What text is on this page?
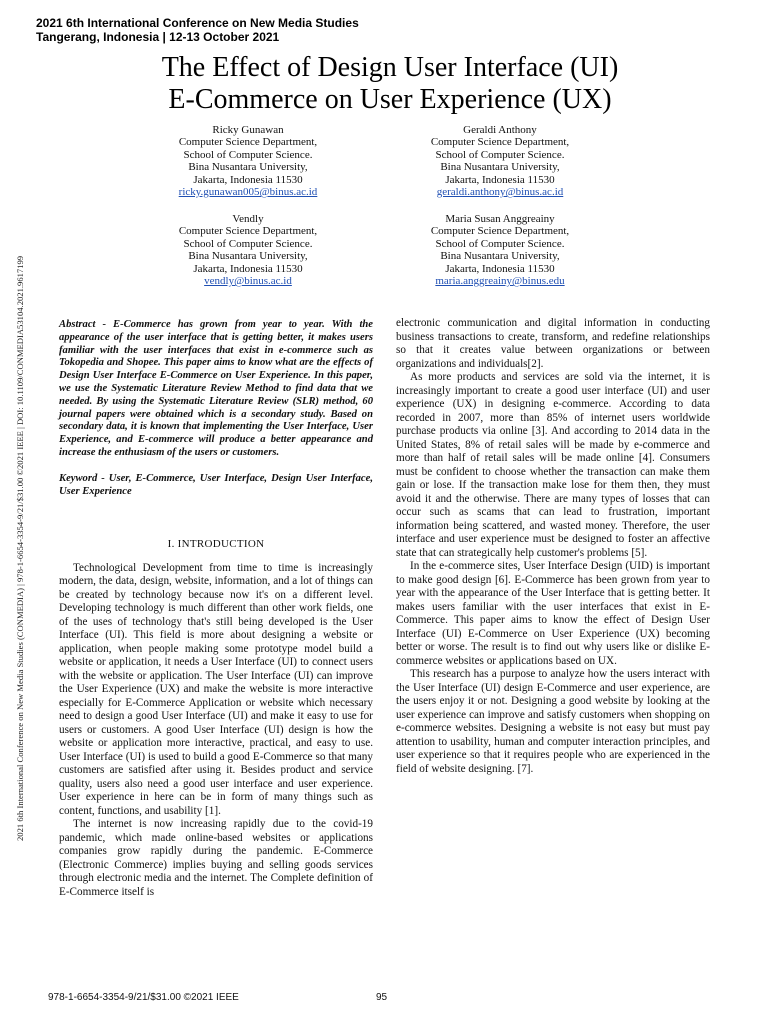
2021 6th International Conference on New Media Studies
Tangerang, Indonesia | 12-13 October 2021
2021 6th International Conference on New Media Studies (CONMEDIA) | 978-1-6654-3354-9/21/$31.00 ©2021 IEEE | DOI: 10.1109/CONMEDIA53104.2021.9617199
The Effect of Design User Interface (UI)
E-Commerce on User Experience (UX)
Ricky Gunawan
Computer Science Department,
School of Computer Science.
Bina Nusantara University,
Jakarta, Indonesia 11530
ricky.gunawan005@binus.ac.id
Geraldi Anthony
Computer Science Department,
School of Computer Science.
Bina Nusantara University,
Jakarta, Indonesia 11530
geraldi.anthony@binus.ac.id
Vendly
Computer Science Department,
School of Computer Science.
Bina Nusantara University,
Jakarta, Indonesia 11530
vendly@binus.ac.id
Maria Susan Anggreainy
Computer Science Department,
School of Computer Science.
Bina Nusantara University,
Jakarta, Indonesia 11530
maria.anggreainy@binus.edu

Abstract - E-Commerce has grown from year to year. With the appearance of the user interface that is getting better, it makes users familiar with the user interfaces that exist in e-commerce such as Tokopedia and Shopee. This paper aims to know what are the effects of Design User Interface E-Commerce on User Experience. In this paper, we use the Systematic Literature Review Method to find data that we needed. By using the Systematic Literature Review (SLR) method, 60 journal papers were obtained which is a secondary study. Based on secondary data, it is known that implementing the User Interface, User Experience, and E-commerce will produce a better appearance and increase the enthusiasm of the users or customers.

Keyword - User, E-Commerce, User Interface, Design User Interface, User Experience

I. INTRODUCTION

Technological Development from time to time is increasingly modern, the data, design, website, information, and a lot of things can be created by technology because now it's on a different level. Developing technology is much different than other work fields, one of the uses of technology that's still being developed is the User Interface (UI). This field is more about designing a website or application, when people making some prototype model build a website or application, it needs a User Interface (UI) to connect users with the website or application. The User Interface (UI) can improve the User Experience (UX) and make the website is more interactive especially for E-Commerce Application or website which necessary need to design a good User Interface (UI) and make it easy to use for users or customers. A good User Interface (UI) design is how the website or application more interactive, practical, and easy to use. User Interface (UI) is used to build a good E-Commerce so that many customers are satisfied after using it. Besides product and service quality, users also need a good user interface and user experience. User experience in here can be in form of many things such as content, functions, and usability [1].

The internet is now increasing rapidly due to the covid-19 pandemic, which made online-based websites or applications companies grow rapidly during the pandemic. E-Commerce (Electronic Commerce) implies buying and selling goods services through electronic media and the internet. The Complete definition of E-Commerce itself is

electronic communication and digital information in conducting business transactions to create, transform, and redefine relationships so that it creates value between organizations or between organizations and individuals[2].

As more products and services are sold via the internet, it is increasingly important to create a good user interface (UI) and user experience (UX) in designing e-commerce. According to data recorded in 2007, more than 85% of internet users worldwide purchase products via online [3]. And according to 2014 data in the United States, 8% of retail sales will be made by e-commerce and more than half of retail sales will be made online [4]. Consumers must be confident to choose whether the transaction can make them gain or lose. If the transaction make lose for them then, they must avoid it and the otherwise. There are many types of losses that can occur such as scams that can lead to frustration, important information being scattered, and wasted money. Therefore, the user interface and user experience must be designed to foster an affective state that can strategically help customer's problems [5].

In the e-commerce sites, User Interface Design (UID) is important to make good design [6]. E-Commerce has been grown from year to year with the appearance of the User Interface that is getting better. It makes users familiar with the user interfaces that exist in E-Commerce. This paper aims to know the effect of Design User Interface (UI) E-Commerce on User Experience (UX) becoming better or worse. The result is to find out why users like or dislike E-commerce websites or applications based on UX.

This research has a purpose to analyze how the users interact with the User Interface (UI) design E-Commerce and user experience, are the users enjoy it or not. Designing a good website by looking at the user experience can improve and satisfy customers when shopping on e-commerce websites. Designing a website is not easy but must pay attention to usability, human and computer interaction principles, and user experience so that it requires people who are experienced in the field of website designing. [7].

978-1-6654-3354-9/21/$31.00 ©2021 IEEE	95
